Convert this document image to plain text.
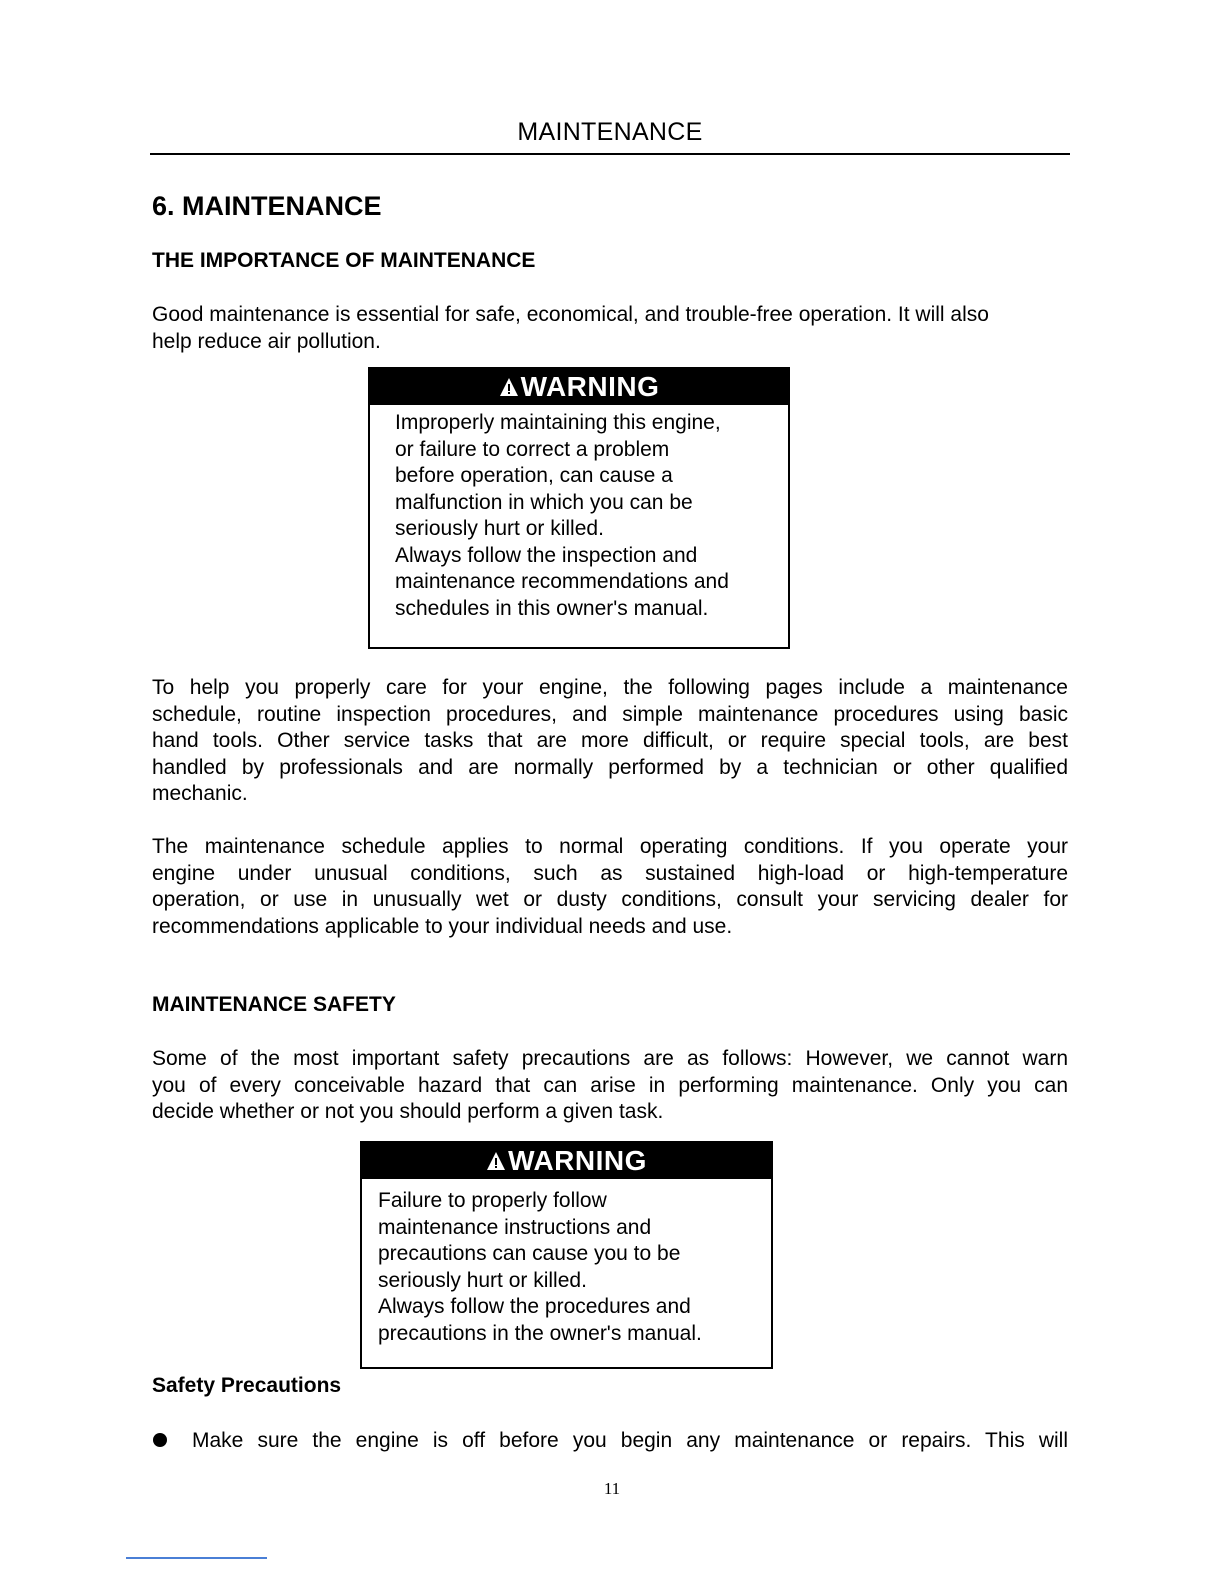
MAINTENANCE
6. MAINTENANCE
THE IMPORTANCE OF MAINTENANCE
Good maintenance is essential for safe, economical, and trouble-free operation. It will also
help reduce air pollution.
WARNING
Improperly maintaining this engine,
or failure to correct a problem
before operation, can cause a
malfunction in which you can be
seriously hurt or killed.
Always follow the inspection and
maintenance recommendations and
schedules in this owner's manual.
To help you properly care for your engine, the following pages include a maintenance
schedule, routine inspection procedures, and simple maintenance procedures using basic
hand tools. Other service tasks that are more difficult, or require special tools, are best
handled by professionals and are normally performed by a technician or other qualified
mechanic.
The maintenance schedule applies to normal operating conditions. If you operate your
engine under unusual conditions, such as sustained high-load or high-temperature
operation, or use in unusually wet or dusty conditions, consult your servicing dealer for
recommendations applicable to your individual needs and use.
MAINTENANCE SAFETY
Some of the most important safety precautions are as follows: However, we cannot warn
you of every conceivable hazard that can arise in performing maintenance. Only you can
decide whether or not you should perform a given task.
WARNING
Failure to properly follow
maintenance instructions and
precautions can cause you to be
seriously hurt or killed.
Always follow the procedures and
precautions in the owner's manual.
Safety Precautions
Make sure the engine is off before you begin any maintenance or repairs. This will
11
